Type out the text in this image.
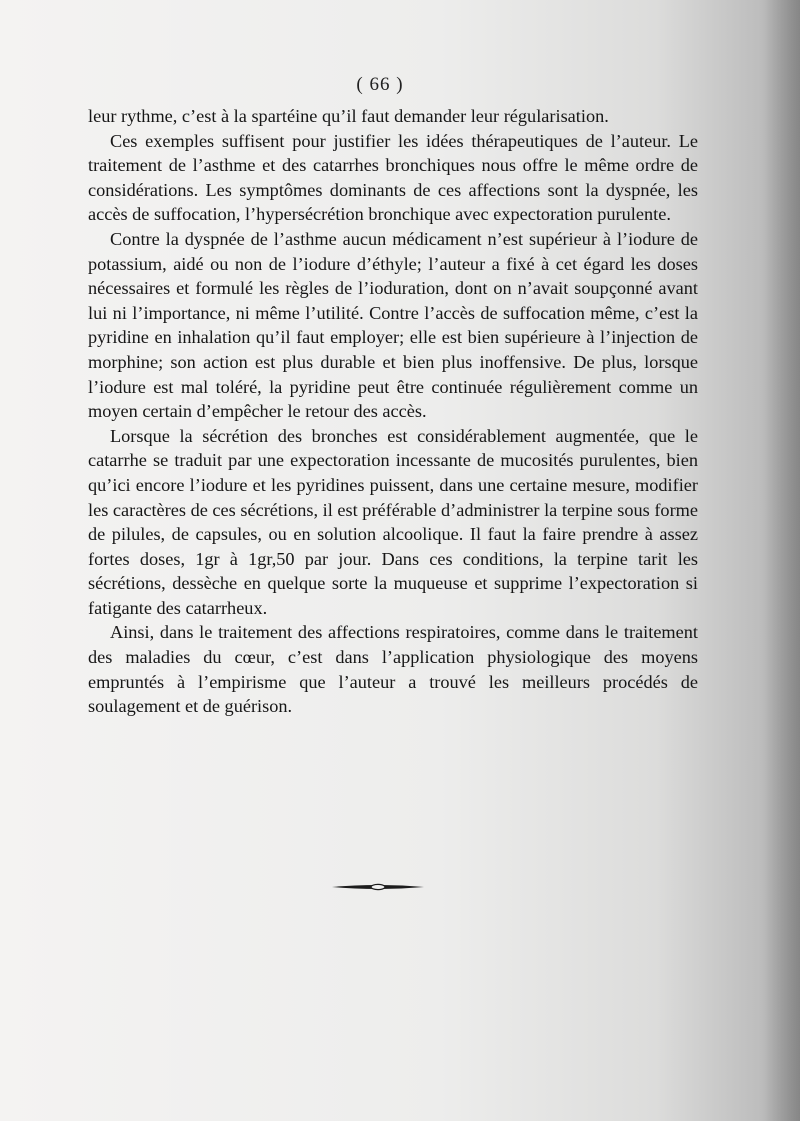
( 66 )

leur rythme, c’est à la spartéine qu’il faut demander leur régularisation.

Ces exemples suffisent pour justifier les idées thérapeutiques de l’auteur. Le traitement de l’asthme et des catarrhes bronchiques nous offre le même ordre de considérations. Les symptômes dominants de ces affections sont la dyspnée, les accès de suffocation, l’hypersécrétion bronchique avec expectoration purulente.

Contre la dyspnée de l’asthme aucun médicament n’est supérieur à l’iodure de potassium, aidé ou non de l’iodure d’éthyle; l’auteur a fixé à cet égard les doses nécessaires et formulé les règles de l’ioduration, dont on n’avait soupçonné avant lui ni l’importance, ni même l’utilité. Contre l’accès de suffocation même, c’est la pyridine en inhalation qu’il faut employer; elle est bien supérieure à l’injection de morphine; son action est plus durable et bien plus inoffensive. De plus, lorsque l’iodure est mal toléré, la pyridine peut être continuée régulièrement comme un moyen certain d’empêcher le retour des accès.

Lorsque la sécrétion des bronches est considérablement augmentée, que le catarrhe se traduit par une expectoration incessante de mucosités purulentes, bien qu’ici encore l’iodure et les pyridines puissent, dans une certaine mesure, modifier les caractères de ces sécrétions, il est préférable d’administrer la terpine sous forme de pilules, de capsules, ou en solution alcoolique. Il faut la faire prendre à assez fortes doses, 1gr à 1gr,50 par jour. Dans ces conditions, la terpine tarit les sécrétions, dessèche en quelque sorte la muqueuse et supprime l’expectoration si fatigante des catarrheux.

Ainsi, dans le traitement des affections respiratoires, comme dans le traitement des maladies du cœur, c’est dans l’application physiologique des moyens empruntés à l’empirisme que l’auteur a trouvé les meilleurs procédés de soulagement et de guérison.
